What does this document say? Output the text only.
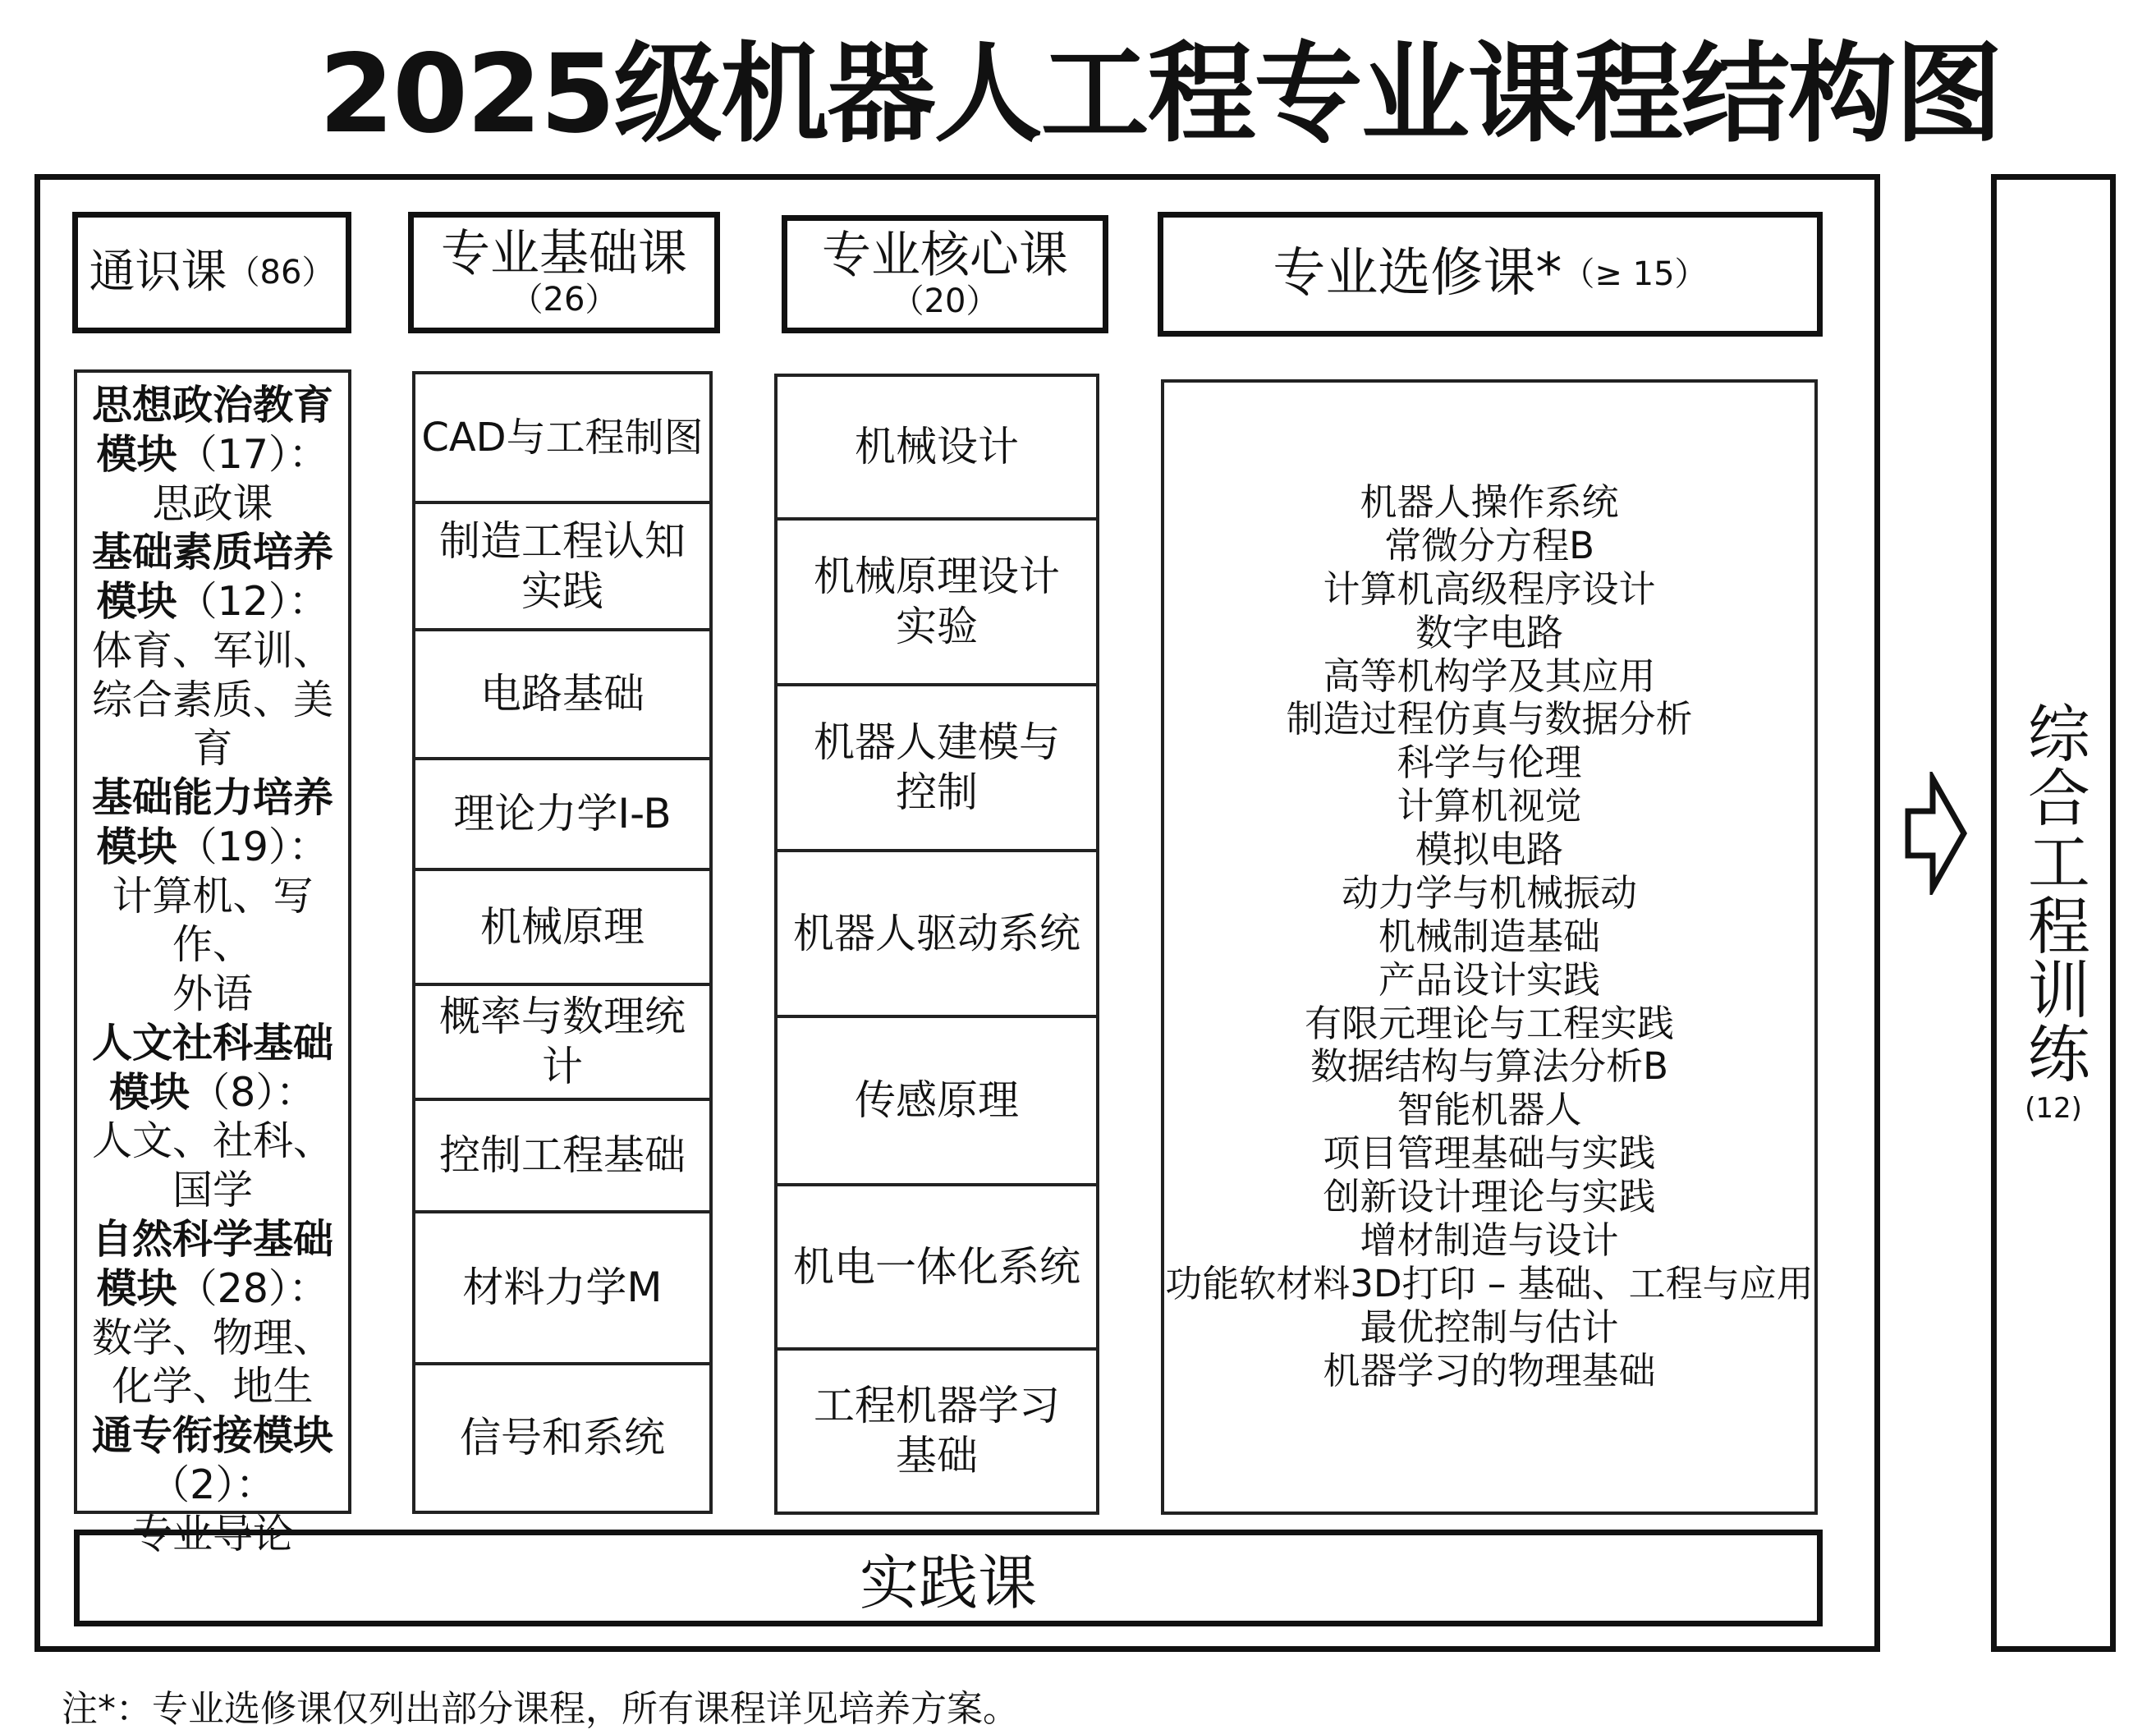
2025级机器人工程专业课程结构图
通识课 （86） 专业基础课
（26）
专业核心课
（20）	专业选修课* （≥ 15）
思想政治教育
模块（17）：
思政课
基础素质培养
模块（12）：
体育、军训、
综合素质、美
育
基础能力培养
模块（19）：
计算机、写作、
外语
人文社科基础
模块（8）：
人文、社科、
国学
自然科学基础
模块（28）：
数学、物理、
化学、地生
通专衔接模块
（2）：
专业导论
CAD与工程制图
制造工程认知实践
电路基础
理论力学I-B
机械原理
概率与数理统计
控制工程基础
材料力学M
信号和系统
机械设计
机械原理设计实验
机器人建模与控制
机器人驱动系统
传感原理
机电一体化系统
工程机器学习基础
机器人操作系统
常微分方程B
计算机高级程序设计
数字电路
高等机构学及其应用
制造过程仿真与数据分析
科学与伦理
计算机视觉
模拟电路
动力学与机械振动
机械制造基础
产品设计实践
有限元理论与工程实践
数据结构与算法分析B
智能机器人
项目管理基础与实践
创新设计理论与实践
增材制造与设计
功能软材料3D打印 – 基础、工程与应用
最优控制与估计
机器学习的物理基础
实践课
综合工程训练
(12)
注*：专业选修课仅列出部分课程，所有课程详见培养方案。
